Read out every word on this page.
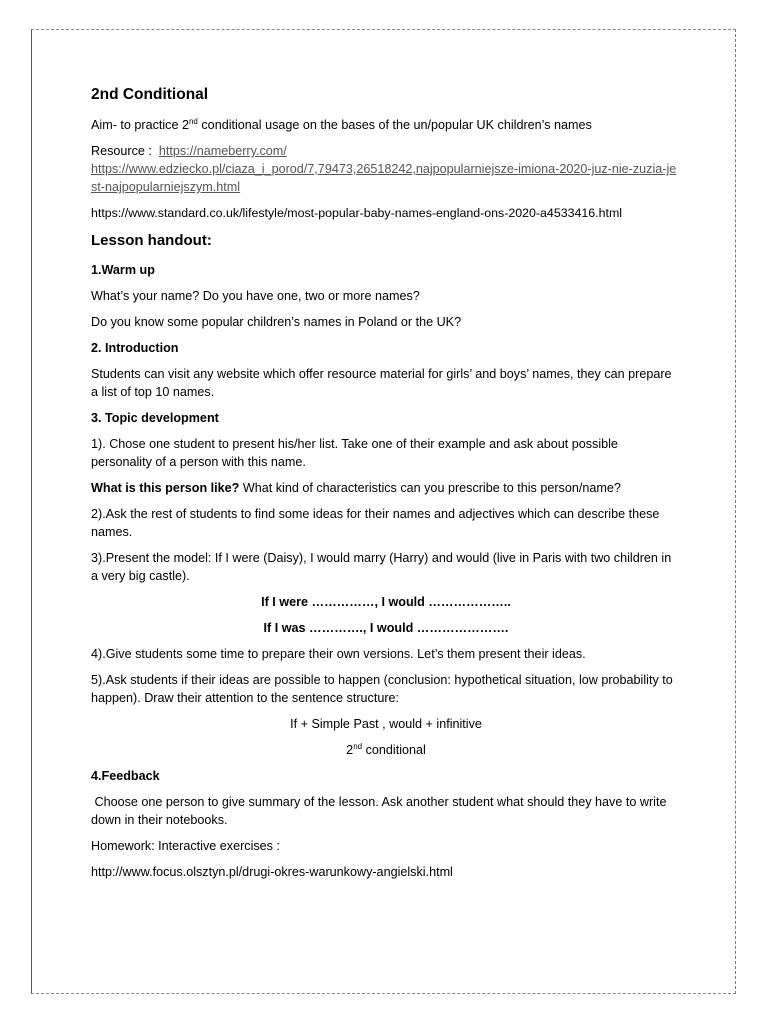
2nd Conditional

Aim- to practice 2nd conditional usage on the bases of the un/popular UK children’s names

Resource : https://nameberry.com/
https://www.edziecko.pl/ciaza_i_porod/7,79473,26518242,najpopularniejsze-imiona-2020-juz-nie-zuzia-jest-najpopularniejszym.html

https://www.standard.co.uk/lifestyle/most-popular-baby-names-england-ons-2020-a4533416.html

Lesson handout:

1.Warm up

What’s your name? Do you have one, two or more names?

Do you know some popular children’s names in Poland or the UK?

2. Introduction

Students can visit any website which offer resource material for girls’ and boys’ names, they can prepare a list of top 10 names.

3. Topic development

1). Chose one student to present his/her list. Take one of their example and ask about possible personality of a person with this name.

What is this person like? What kind of characteristics can you prescribe to this person/name?

2).Ask the rest of students to find some ideas for their names and adjectives which can describe these names.

3).Present the model: If I were (Daisy), I would marry (Harry) and would (live in Paris with two children in a very big castle).

If I were ……………, I would ………………..

If I was …………., I would ………………….

4).Give students some time to prepare their own versions. Let’s them present their ideas.

5).Ask students if their ideas are possible to happen (conclusion: hypothetical situation, low probability to happen). Draw their attention to the sentence structure:

If + Simple Past , would + infinitive

2nd conditional

4.Feedback

Choose one person to give summary of the lesson. Ask another student what should they have to write down in their notebooks.

Homework: Interactive exercises :

http://www.focus.olsztyn.pl/drugi-okres-warunkowy-angielski.html
